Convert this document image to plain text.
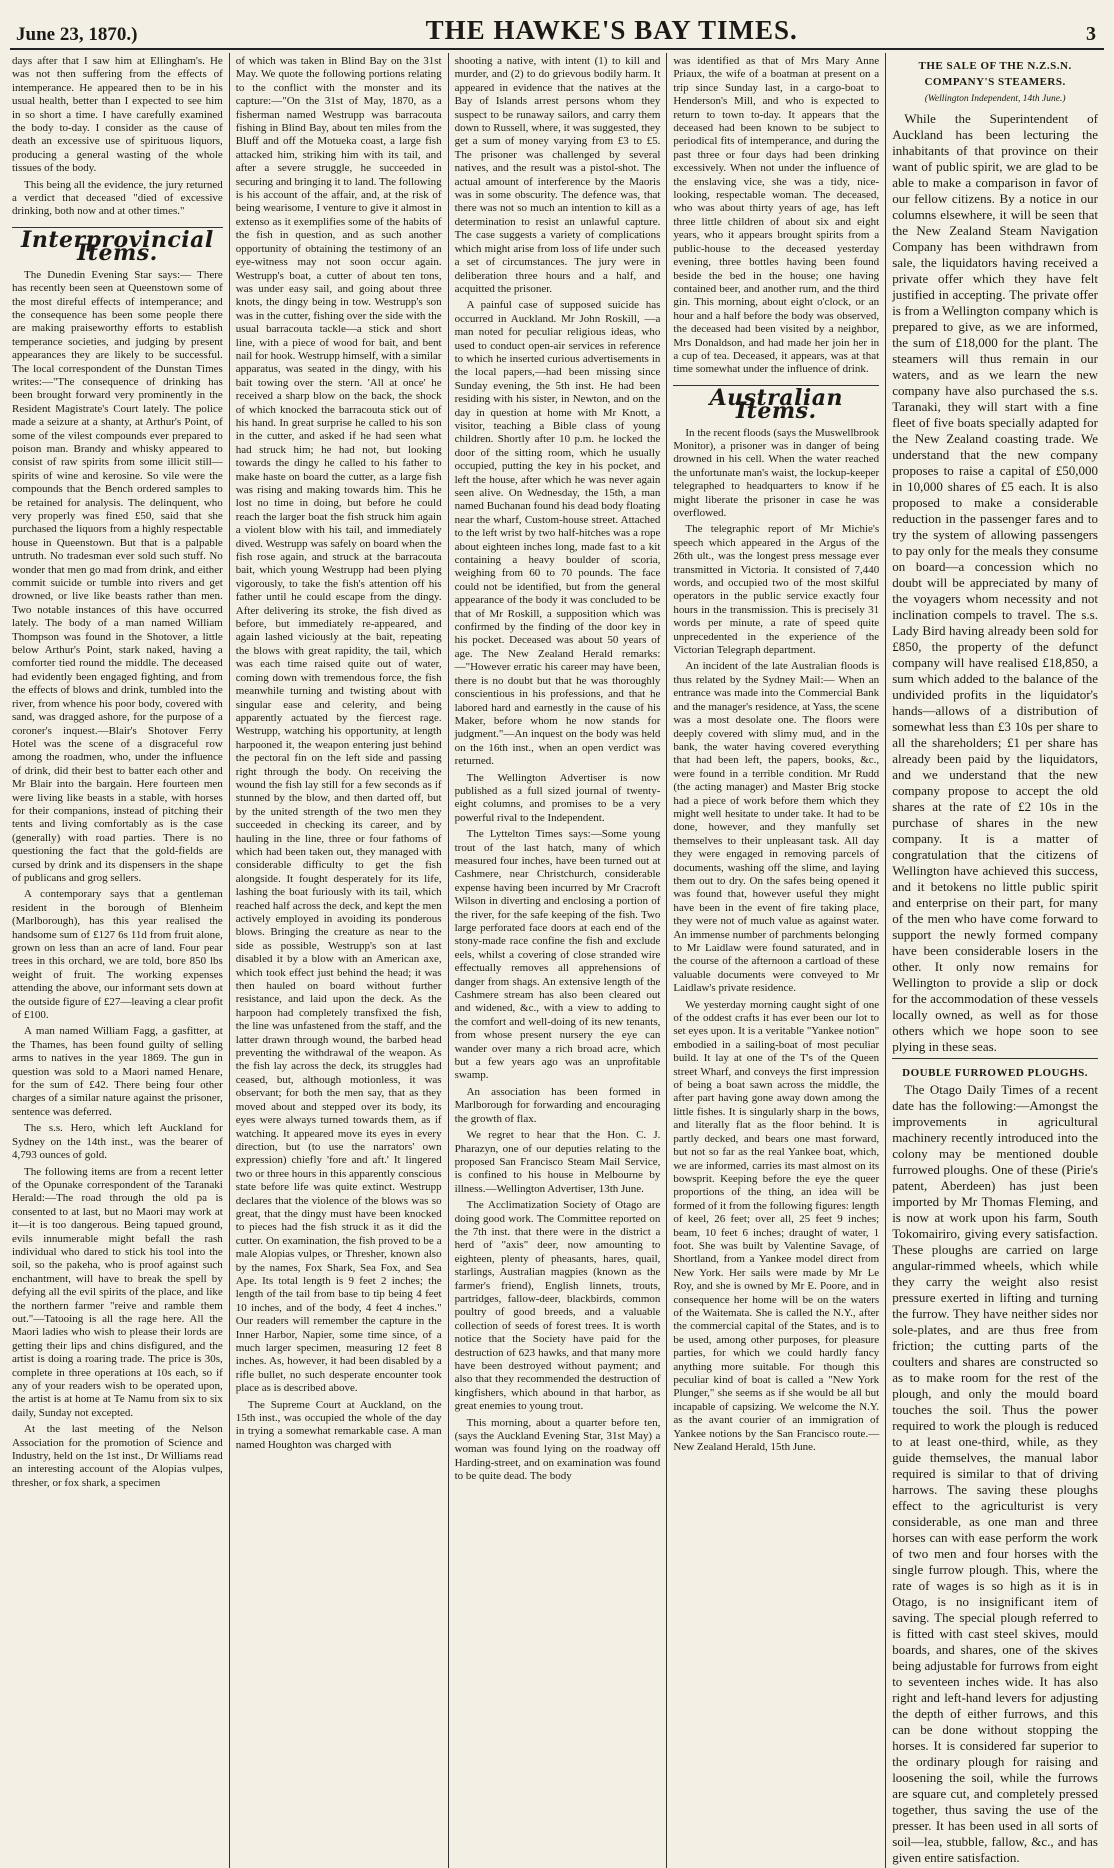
June 23, 1870.)	THE HAWKE'S BAY TIMES.	3

days after that I saw him at Ellingham's. He was not then suffering from the effects of intemperance. He appeared then to be in his usual health, better than I expected to see him in so short a time. I have carefully examined the body to-day. I consider as the cause of death an excessive use of spirituous liquors, producing a general wasting of the whole tissues of the body.

This being all the evidence, the jury returned a verdict that deceased "died of excessive drinking, both now and at other times."

Interprovincial Items.

The Dunedin Evening Star says:— There has recently been seen at Queenstown some of the most direful effects of intemperance; and the consequence has been some people there are making praiseworthy efforts to establish temperance societies, and judging by present appearances they are likely to be successful. The local correspondent of the Dunstan Times writes:—"The consequence of drinking has been brought forward very prominently in the Resident Magistrate's Court lately. The police made a seizure at a shanty, at Arthur's Point, of some of the vilest compounds ever prepared to poison man. Brandy and whisky appeared to consist of raw spirits from some illicit still—spirits of wine and kerosine. So vile were the compounds that the Bench ordered samples to be retained for analysis. The delinquent, who very properly was fined £50, said that she purchased the liquors from a highly respectable house in Queenstown. But that is a palpable untruth. No tradesman ever sold such stuff. No wonder that men go mad from drink, and either commit suicide or tumble into rivers and get drowned, or live like beasts rather than men. Two notable instances of this have occurred lately. The body of a man named William Thompson was found in the Shotover, a little below Arthur's Point, stark naked, having a comforter tied round the middle. The deceased had evidently been engaged fighting, and from the effects of blows and drink, tumbled into the river, from whence his poor body, covered with sand, was dragged ashore, for the purpose of a coroner's inquest.—Blair's Shotover Ferry Hotel was the scene of a disgraceful row among the roadmen, who, under the influence of drink, did their best to batter each other and Mr Blair into the bargain. Here fourteen men were living like beasts in a stable, with horses for their companions, instead of pitching their tents and living comfortably as is the case (generally) with road parties. There is no questioning the fact that the gold-fields are cursed by drink and its dispensers in the shape of publicans and grog sellers.

A contemporary says that a gentleman resident in the borough of Blenheim (Marlborough), has this year realised the handsome sum of £127 6s 11d from fruit alone, grown on less than an acre of land. Four pear trees in this orchard, we are told, bore 850 lbs weight of fruit. The working expenses attending the above, our informant sets down at the outside figure of £27—leaving a clear profit of £100.

A man named William Fagg, a gasfitter, at the Thames, has been found guilty of selling arms to natives in the year 1869. The gun in question was sold to a Maori named Henare, for the sum of £42. There being four other charges of a similar nature against the prisoner, sentence was deferred.

The s.s. Hero, which left Auckland for Sydney on the 14th inst., was the bearer of 4,793 ounces of gold.

The following items are from a recent letter of the Opunake correspondent of the Taranaki Herald:—The road through the old pa is consented to at last, but no Maori may work at it—it is too dangerous. Being tapued ground, evils innumerable might befall the rash individual who dared to stick his tool into the soil, so the pakeha, who is proof against such enchantment, will have to break the spell by defying all the evil spirits of the place, and like the northern farmer "reive and ramble them out."—Tatooing is all the rage here. All the Maori ladies who wish to please their lords are getting their lips and chins disfigured, and the artist is doing a roaring trade. The price is 30s, complete in three operations at 10s each, so if any of your readers wish to be operated upon, the artist is at home at Te Namu from six to six daily, Sunday not excepted.

At the last meeting of the Nelson Association for the promotion of Science and Industry, held on the 1st inst., Dr Williams read an interesting account of the Alopias vulpes, thresher, or fox shark, a specimen

of which was taken in Blind Bay on the 31st May. We quote the following portions relating to the conflict with the monster and its capture:—"On the 31st of May, 1870, as a fisherman named Westrupp was barracouta fishing in Blind Bay, about ten miles from the Bluff and off the Motueka coast, a large fish attacked him, striking him with its tail, and after a severe struggle, he succeeded in securing and bringing it to land. The following is his account of the affair, and, at the risk of being wearisome, I venture to give it almost in extenso as it exemplifies some of the habits of the fish in question, and as such another opportunity of obtaining the testimony of an eye-witness may not soon occur again. Westrupp's boat, a cutter of about ten tons, was under easy sail, and going about three knots, the dingy being in tow. Westrupp's son was in the cutter, fishing over the side with the usual barracouta tackle—a stick and short line, with a piece of wood for bait, and bent nail for hook. Westrupp himself, with a similar apparatus, was seated in the dingy, with his bait towing over the stern. 'All at once' he received a sharp blow on the back, the shock of which knocked the barracouta stick out of his hand. In great surprise he called to his son in the cutter, and asked if he had seen what had struck him; he had not, but looking towards the dingy he called to his father to make haste on board the cutter, as a large fish was rising and making towards him. This he lost no time in doing, but before he could reach the larger boat the fish struck him again a violent blow with his tail, and immediately dived. Westrupp was safely on board when the fish rose again, and struck at the barracouta bait, which young Westrupp had been plying vigorously, to take the fish's attention off his father until he could escape from the dingy. After delivering its stroke, the fish dived as before, but immediately re-appeared, and again lashed viciously at the bait, repeating the blows with great rapidity, the tail, which was each time raised quite out of water, coming down with tremendous force, the fish meanwhile turning and twisting about with singular ease and celerity, and being apparently actuated by the fiercest rage. Westrupp, watching his opportunity, at length harpooned it, the weapon entering just behind the pectoral fin on the left side and passing right through the body. On receiving the wound the fish lay still for a few seconds as if stunned by the blow, and then darted off, but by the united strength of the two men they succeeded in checking its career, and by hauling in the line, three or four fathoms of which had been taken out, they managed with considerable difficulty to get the fish alongside. It fought desperately for its life, lashing the boat furiously with its tail, which reached half across the deck, and kept the men actively employed in avoiding its ponderous blows. Bringing the creature as near to the side as possible, Westrupp's son at last disabled it by a blow with an American axe, which took effect just behind the head; it was then hauled on board without further resistance, and laid upon the deck. As the harpoon had completely transfixed the fish, the line was unfastened from the staff, and the latter drawn through wound, the barbed head preventing the withdrawal of the weapon. As the fish lay across the deck, its struggles had ceased, but, although motionless, it was observant; for both the men say, that as they moved about and stepped over its body, its eyes were always turned towards them, as if watching. It appeared move its eyes in every direction, but (to use the narrators' own expression) chiefly 'fore and aft.' It lingered two or three hours in this apparently conscious state before life was quite extinct. Westrupp declares that the violence of the blows was so great, that the dingy must have been knocked to pieces had the fish struck it as it did the cutter. On examination, the fish proved to be a male Alopias vulpes, or Thresher, known also by the names, Fox Shark, Sea Fox, and Sea Ape. Its total length is 9 feet 2 inches; the length of the tail from base to tip being 4 feet 10 inches, and of the body, 4 feet 4 inches." Our readers will remember the capture in the Inner Harbor, Napier, some time since, of a much larger specimen, measuring 12 feet 8 inches. As, however, it had been disabled by a rifle bullet, no such desperate encounter took place as is described above.

The Supreme Court at Auckland, on the 15th inst., was occupied the whole of the day in trying a somewhat remarkable case. A man named Houghton was charged with

shooting a native, with intent (1) to kill and murder, and (2) to do grievous bodily harm. It appeared in evidence that the natives at the Bay of Islands arrest persons whom they suspect to be runaway sailors, and carry them down to Russell, where, it was suggested, they get a sum of money varying from £3 to £5. The prisoner was challenged by several natives, and the result was a pistol-shot. The actual amount of interference by the Maoris was in some obscurity. The defence was, that there was not so much an intention to kill as a determination to resist an unlawful capture. The case suggests a variety of complications which might arise from loss of life under such a set of circumstances. The jury were in deliberation three hours and a half, and acquitted the prisoner.

A painful case of supposed suicide has occurred in Auckland. Mr John Roskill, —a man noted for peculiar religious ideas, who used to conduct open-air services in reference to which he inserted curious advertisements in the local papers,—had been missing since Sunday evening, the 5th inst. He had been residing with his sister, in Newton, and on the day in question at home with Mr Knott, a visitor, teaching a Bible class of young children. Shortly after 10 p.m. he locked the door of the sitting room, which he usually occupied, putting the key in his pocket, and left the house, after which he was never again seen alive. On Wednesday, the 15th, a man named Buchanan found his dead body floating near the wharf, Custom-house street. Attached to the left wrist by two half-hitches was a rope about eighteen inches long, made fast to a kit containing a heavy boulder of scoria, weighing from 60 to 70 pounds. The face could not be identified, but from the general appearance of the body it was concluded to be that of Mr Roskill, a supposition which was confirmed by the finding of the door key in his pocket. Deceased was about 50 years of age. The New Zealand Herald remarks:—"However erratic his career may have been, there is no doubt but that he was thoroughly conscientious in his professions, and that he labored hard and earnestly in the cause of his Maker, before whom he now stands for judgment."—An inquest on the body was held on the 16th inst., when an open verdict was returned.

The Wellington Advertiser is now published as a full sized journal of twenty-eight columns, and promises to be a very powerful rival to the Independent.

The Lyttelton Times says:—Some young trout of the last hatch, many of which measured four inches, have been turned out at Cashmere, near Christchurch, considerable expense having been incurred by Mr Cracroft Wilson in diverting and enclosing a portion of the river, for the safe keeping of the fish. Two large perforated face doors at each end of the stony-made race confine the fish and exclude eels, whilst a covering of close stranded wire effectually removes all apprehensions of danger from shags. An extensive length of the Cashmere stream has also been cleared out and widened, &c., with a view to adding to the comfort and well-doing of its new tenants, from whose present nursery the eye can wander over many a rich broad acre, which but a few years ago was an unprofitable swamp.

An association has been formed in Marlborough for forwarding and encouraging the growth of flax.

We regret to hear that the Hon. C. J. Pharazyn, one of our deputies relating to the proposed San Francisco Steam Mail Service, is confined to his house in Melbourne by illness.—Wellington Advertiser, 13th June.

The Acclimatization Society of Otago are doing good work. The Committee reported on the 7th inst. that there were in the district a herd of "axis" deer, now amounting to eighteen, plenty of pheasants, hares, quail, starlings, Australian magpies (known as the farmer's friend), English linnets, trouts, partridges, fallow-deer, blackbirds, common poultry of good breeds, and a valuable collection of seeds of forest trees. It is worth notice that the Society have paid for the destruction of 623 hawks, and that many more have been destroyed without payment; and also that they recommended the destruction of kingfishers, which abound in that harbor, as great enemies to young trout.

This morning, about a quarter before ten, (says the Auckland Evening Star, 31st May) a woman was found lying on the roadway off Harding-street, and on examination was found to be quite dead. The body

was identified as that of Mrs Mary Anne Priaux, the wife of a boatman at present on a trip since Sunday last, in a cargo-boat to Henderson's Mill, and who is expected to return to town to-day. It appears that the deceased had been known to be subject to periodical fits of intemperance, and during the past three or four days had been drinking excessively. When not under the influence of the enslaving vice, she was a tidy, nice-looking, respectable woman. The deceased, who was about thirty years of age, has left three little children of about six and eight years, who it appears brought spirits from a public-house to the deceased yesterday evening, three bottles having been found beside the bed in the house; one having contained beer, and another rum, and the third gin. This morning, about eight o'clock, or an hour and a half before the body was observed, the deceased had been visited by a neighbor, Mrs Donaldson, and had made her join her in a cup of tea. Deceased, it appears, was at that time somewhat under the influence of drink.

Australian Items.

In the recent floods (says the Muswellbrook Monitor), a prisoner was in danger of being drowned in his cell. When the water reached the unfortunate man's waist, the lockup-keeper telegraphed to headquarters to know if he might liberate the prisoner in case he was overflowed.

The telegraphic report of Mr Michie's speech which appeared in the Argus of the 26th ult., was the longest press message ever transmitted in Victoria. It consisted of 7,440 words, and occupied two of the most skilful operators in the public service exactly four hours in the transmission. This is precisely 31 words per minute, a rate of speed quite unprecedented in the experience of the Victorian Telegraph department.

An incident of the late Australian floods is thus related by the Sydney Mail:— When an entrance was made into the Commercial Bank and the manager's residence, at Yass, the scene was a most desolate one. The floors were deeply covered with slimy mud, and in the bank, the water having covered everything that had been left, the papers, books, &c., were found in a terrible condition. Mr Rudd (the acting manager) and Master Brig stocke had a piece of work before them which they might well hesitate to under take. It had to be done, however, and they manfully set themselves to their unpleasant task. All day they were engaged in removing parcels of documents, washing off the slime, and laying them out to dry. On the safes being opened it was found that, however useful they might have been in the event of fire taking place, they were not of much value as against water. An immense number of parchments belonging to Mr Laidlaw were found saturated, and in the course of the afternoon a cartload of these valuable documents were conveyed to Mr Laidlaw's private residence.

We yesterday morning caught sight of one of the oddest crafts it has ever been our lot to set eyes upon. It is a veritable "Yankee notion" embodied in a sailing-boat of most peculiar build. It lay at one of the T's of the Queen street Wharf, and conveys the first impression of being a boat sawn across the middle, the after part having gone away down among the little fishes. It is singularly sharp in the bows, and literally flat as the floor behind. It is partly decked, and bears one mast forward, but not so far as the real Yankee boat, which, we are informed, carries its mast almost on its bowsprit. Keeping before the eye the queer proportions of the thing, an idea will be formed of it from the following figures: length of keel, 26 feet; over all, 25 feet 9 inches; beam, 10 feet 6 inches; draught of water, 1 foot. She was built by Valentine Savage, of Shortland, from a Yankee model direct from New York. Her sails were made by Mr Le Roy, and she is owned by Mr E. Poore, and in consequence her home will be on the waters of the Waitemata. She is called the N.Y., after the commercial capital of the States, and is to be used, among other purposes, for pleasure parties, for which we could hardly fancy anything more suitable. For though this peculiar kind of boat is called a "New York Plunger," she seems as if she would be all but incapable of capsizing. We welcome the N.Y. as the avant courier of an immigration of Yankee notions by the San Francisco route.—New Zealand Herald, 15th June.

THE SALE OF THE N.Z.S.N. COMPANY'S STEAMERS.
(Wellington Independent, 14th June.)

While the Superintendent of Auckland has been lecturing the inhabitants of that province on their want of public spirit, we are glad to be able to make a comparison in favor of our fellow citizens. By a notice in our columns elsewhere, it will be seen that the New Zealand Steam Navigation Company has been withdrawn from sale, the liquidators having received a private offer which they have felt justified in accepting. The private offer is from a Wellington company which is prepared to give, as we are informed, the sum of £18,000 for the plant. The steamers will thus remain in our waters, and as we learn the new company have also purchased the s.s. Taranaki, they will start with a fine fleet of five boats specially adapted for the New Zealand coasting trade. We understand that the new company proposes to raise a capital of £50,000 in 10,000 shares of £5 each. It is also proposed to make a considerable reduction in the passenger fares and to try the system of allowing passengers to pay only for the meals they consume on board—a concession which no doubt will be appreciated by many of the voyagers whom necessity and not inclination compels to travel. The s.s. Lady Bird having already been sold for £850, the property of the defunct company will have realised £18,850, a sum which added to the balance of the undivided profits in the liquidator's hands—allows of a distribution of somewhat less than £3 10s per share to all the shareholders; £1 per share has already been paid by the liquidators, and we understand that the new company propose to accept the old shares at the rate of £2 10s in the purchase of shares in the new company. It is a matter of congratulation that the citizens of Wellington have achieved this success, and it betokens no little public spirit and enterprise on their part, for many of the men who have come forward to support the newly formed company have been considerable losers in the other. It only now remains for Wellington to provide a slip or dock for the accommodation of these vessels locally owned, as well as for those others which we hope soon to see plying in these seas.

DOUBLE FURROWED PLOUGHS.

The Otago Daily Times of a recent date has the following:—Amongst the improvements in agricultural machinery recently introduced into the colony may be mentioned double furrowed ploughs. One of these (Pirie's patent, Aberdeen) has just been imported by Mr Thomas Fleming, and is now at work upon his farm, South Tokomairiro, giving every satisfaction. These ploughs are carried on large angular-rimmed wheels, which while they carry the weight also resist pressure exerted in lifting and turning the furrow. They have neither sides nor sole-plates, and are thus free from friction; the cutting parts of the coulters and shares are constructed so as to make room for the rest of the plough, and only the mould board touches the soil. Thus the power required to work the plough is reduced to at least one-third, while, as they guide themselves, the manual labor required is similar to that of driving harrows. The saving these ploughs effect to the agriculturist is very considerable, as one man and three horses can with ease perform the work of two men and four horses with the single furrow plough. This, where the rate of wages is so high as it is in Otago, is no insignificant item of saving. The special plough referred to is fitted with cast steel skives, mould boards, and shares, one of the skives being adjustable for furrows from eight to seventeen inches wide. It has also right and left-hand levers for adjusting the depth of either furrows, and this can be done without stopping the horses. It is considered far superior to the ordinary plough for raising and loosening the soil, while the furrows are square cut, and completely pressed together, thus saving the use of the presser. It has been used in all sorts of soil—lea, stubble, fallow, &c., and has given entire satisfaction.
